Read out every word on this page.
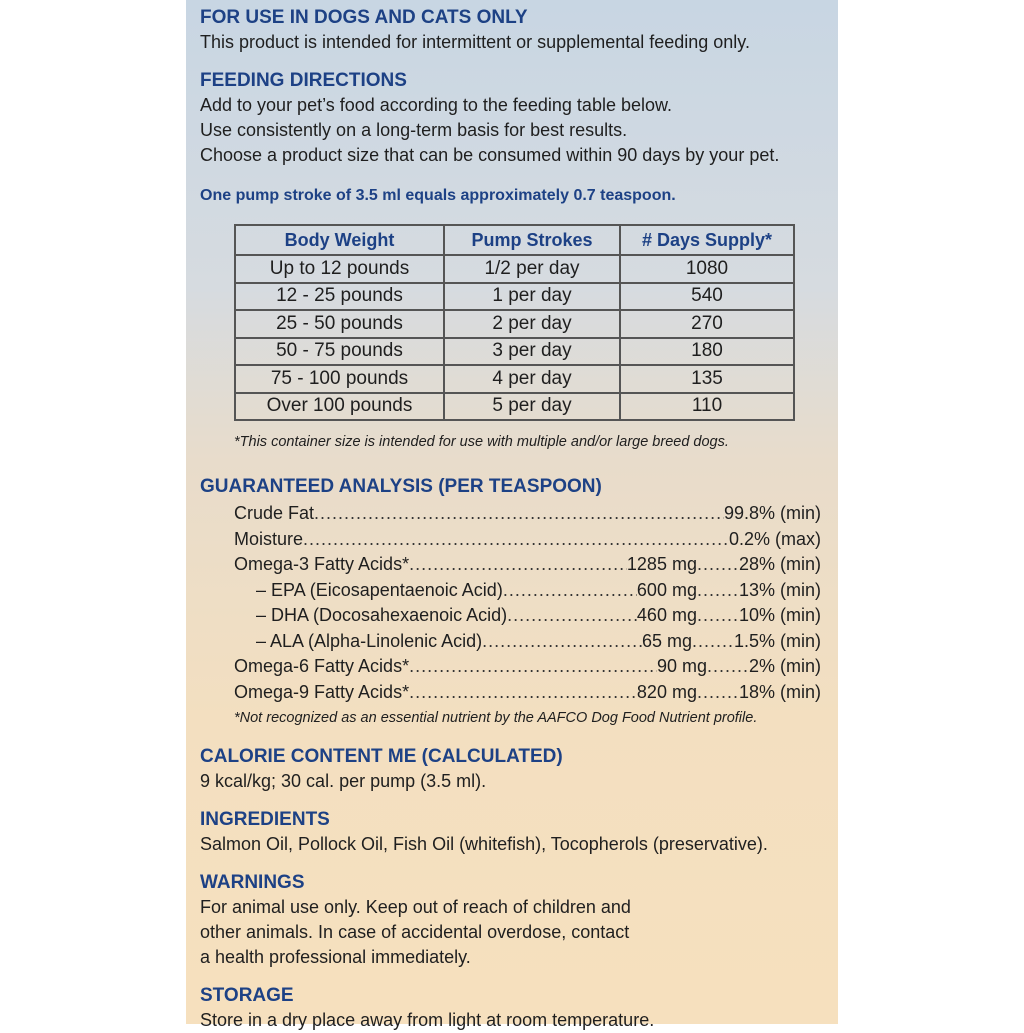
FOR USE IN DOGS AND CATS ONLY

This product is intended for intermittent or supplemental feeding only.

FEEDING DIRECTIONS

Add to your pet’s food according to the feeding table below.

Use consistently on a long-term basis for best results.

Choose a product size that can be consumed within 90 days by your pet.

One pump stroke of 3.5 ml equals approximately 0.7 teaspoon.

Body Weight	Pump Strokes	# Days Supply*
Up to 12 pounds	1/2 per day	1080
12 - 25 pounds	1 per day	540
25 - 50 pounds	2 per day	270
50 - 75 pounds	3 per day	180
75 - 100 pounds	4 per day	135
Over 100 pounds	5 per day	110

*This container size is intended for use with multiple and/or large breed dogs.

GUARANTEED ANALYSIS (PER TEASPOON)

Crude Fat .....	99.8% (min)
Moisture .....	0.2% (max)
Omega-3 Fatty Acids* .....	1285 mg ..... 28% (min)
– EPA (Eicosapentaenoic Acid) .....	600 mg ..... 13% (min)
– DHA (Docosahexaenoic Acid) .....	460 mg ..... 10% (min)
– ALA (Alpha-Linolenic Acid) .....	65 mg ..... 1.5% (min)
Omega-6 Fatty Acids* .....	90 mg ..... 2% (min)
Omega-9 Fatty Acids* .....	820 mg ..... 18% (min)

*Not recognized as an essential nutrient by the AAFCO Dog Food Nutrient profile.

CALORIE CONTENT ME (CALCULATED)

9 kcal/kg; 30 cal. per pump (3.5 ml).

INGREDIENTS

Salmon Oil, Pollock Oil, Fish Oil (whitefish), Tocopherols (preservative).

WARNINGS

For animal use only. Keep out of reach of children and

other animals. In case of accidental overdose, contact

a health professional immediately.

STORAGE

Store in a dry place away from light at room temperature.
